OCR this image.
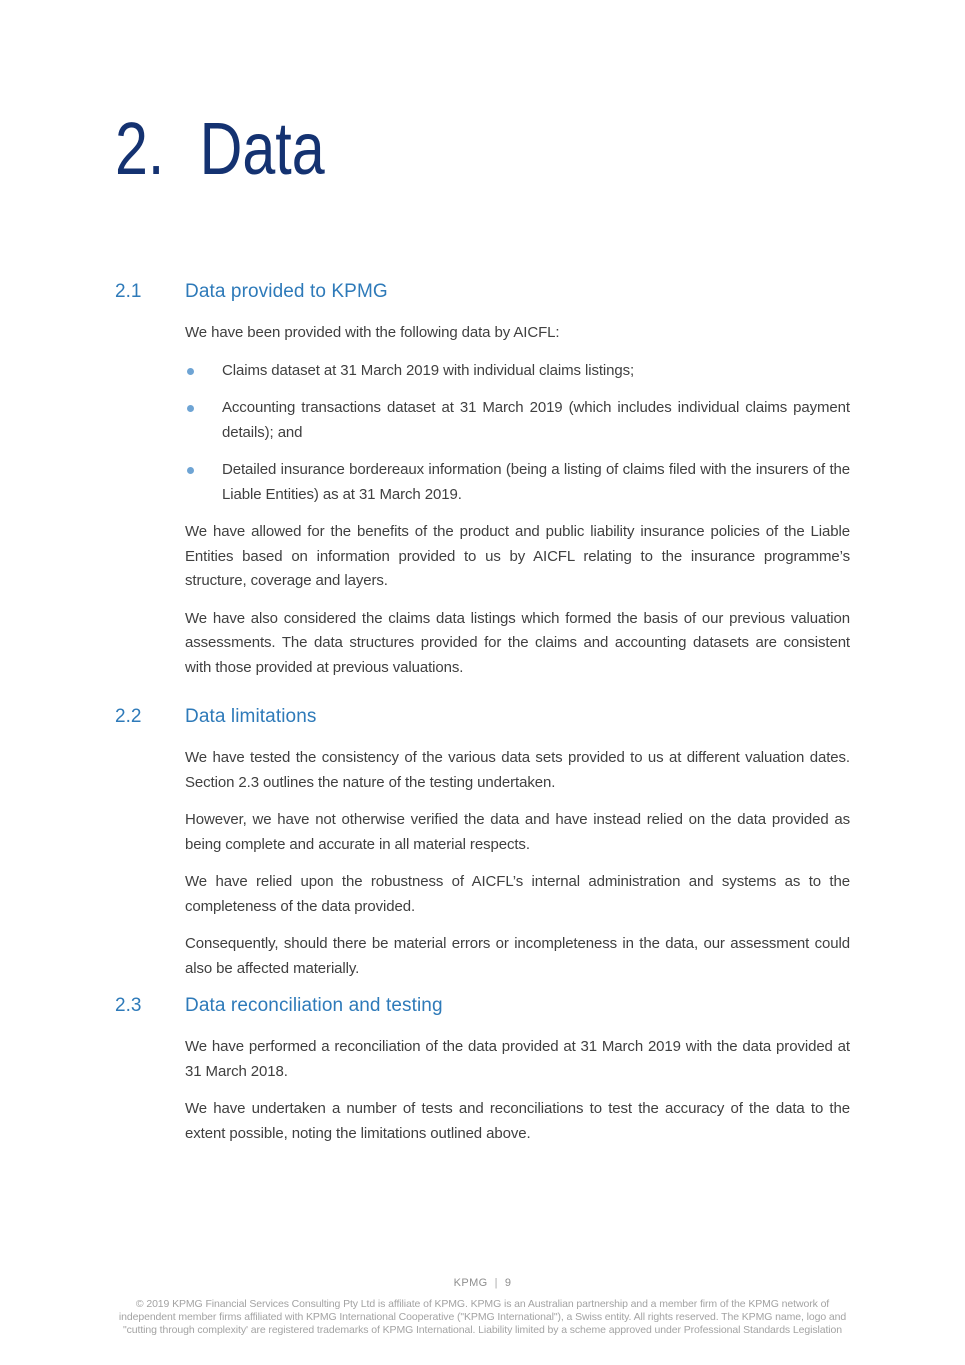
2. Data
2.1	Data provided to KPMG

We have been provided with the following data by AICFL:

Claims dataset at 31 March 2019 with individual claims listings;

Accounting transactions dataset at 31 March 2019 (which includes individual claims payment details); and

Detailed insurance bordereaux information (being a listing of claims filed with the insurers of the Liable Entities) as at 31 March 2019.

We have allowed for the benefits of the product and public liability insurance policies of the Liable Entities based on information provided to us by AICFL relating to the insurance programme’s structure, coverage and layers.

We have also considered the claims data listings which formed the basis of our previous valuation assessments. The data structures provided for the claims and accounting datasets are consistent with those provided at previous valuations.

2.2	Data limitations

We have tested the consistency of the various data sets provided to us at different valuation dates. Section 2.3 outlines the nature of the testing undertaken.

However, we have not otherwise verified the data and have instead relied on the data provided as being complete and accurate in all material respects.

We have relied upon the robustness of AICFL’s internal administration and systems as to the completeness of the data provided.

Consequently, should there be material errors or incompleteness in the data, our assessment could also be affected materially.

2.3	Data reconciliation and testing

We have performed a reconciliation of the data provided at 31 March 2019 with the data provided at 31 March 2018.

We have undertaken a number of tests and reconciliations to test the accuracy of the data to the extent possible, noting the limitations outlined above.

KPMG | 9
© 2019 KPMG Financial Services Consulting Pty Ltd is affiliate of KPMG. KPMG is an Australian partnership and a member firm of the KPMG network of independent member firms affiliated with KPMG International Cooperative ("KPMG International"), a Swiss entity. All rights reserved. The KPMG name, logo and "cutting through complexity' are registered trademarks of KPMG International. Liability limited by a scheme approved under Professional Standards Legislation
